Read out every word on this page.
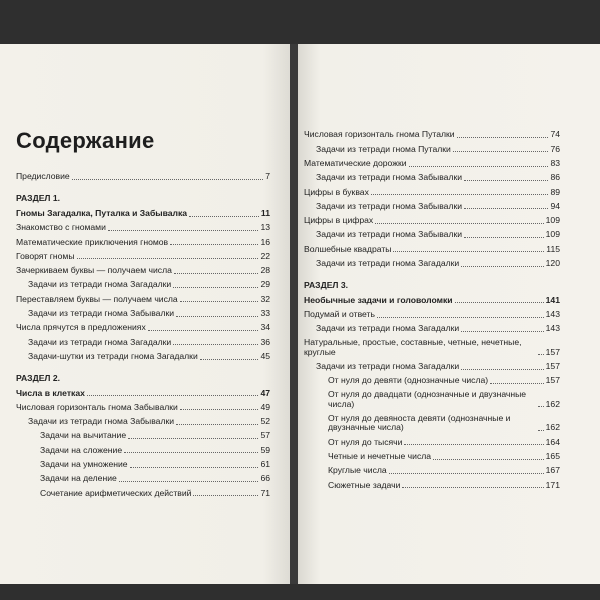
Содержание
Предисловие	7
РАЗДЕЛ 1.
Гномы Загадалка, Путалка и Забывалка	11
Знакомство с гномами	13
Математические приключения гномов	16
Говорят гномы	22
Зачеркиваем буквы — получаем числа	28
Задачи из тетради гнома Загадалки	29
Переставляем буквы — получаем числа	32
Задачи из тетради гнома Забывалки	33
Числа прячутся в предложениях	34
Задачи из тетради гнома Загадалки	36
Задачи-шутки из тетради гнома Загадалки	45
РАЗДЕЛ 2.
Числа в клетках	47
Числовая горизонталь гнома Забывалки	49
Задачи из тетради гнома Забывалки	52
Задачи на вычитание	57
Задачи на сложение	59
Задачи на умножение	61
Задачи на деление	66
Сочетание арифметических действий	71
Числовая горизонталь гнома Путалки	74
Задачи из тетради гнома Путалки	76
Математические дорожки	83
Задачи из тетради гнома Забывалки	86
Цифры в буквах	89
Задачи из тетради гнома Забывалки	94
Цифры в цифрах	109
Задачи из тетради гнома Забывалки	109
Волшебные квадраты	115
Задачи из тетради гнома Загадалки	120
РАЗДЕЛ 3.
Необычные задачи и головоломки	141
Подумай и ответь	143
Задачи из тетради гнома Загадалки	143
Натуральные, простые, составные, четные, нечетные, круглые	157
Задачи из тетради гнома Загадалки	157
От нуля до девяти (однозначные числа)	157
От нуля до двадцати (однозначные и двузначные числа)	162
От нуля до девяноста девяти (однозначные и двузначные числа)	162
От нуля до тысячи	164
Четные и нечетные числа	165
Круглые числа	167
Сюжетные задачи	171
